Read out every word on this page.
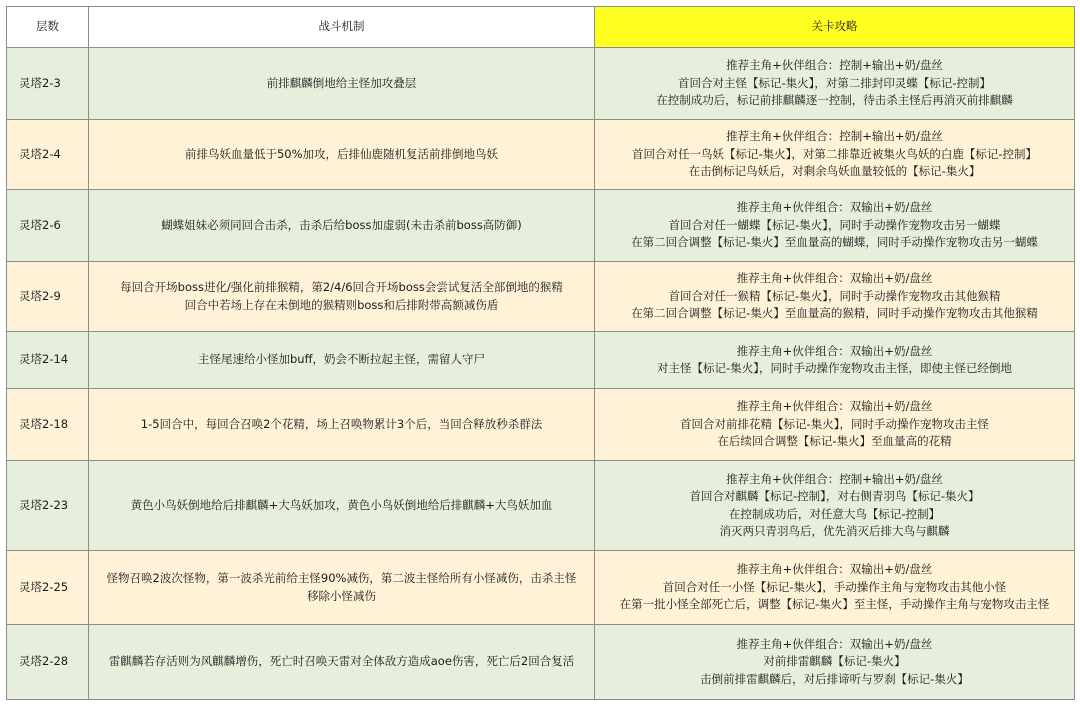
层数	战斗机制	关卡攻略
灵塔2-3	前排麒麟倒地给主怪加攻叠层	推荐主角+伙伴组合：控制+输出+奶/盘丝
首回合对主怪【标记-集火】，对第二排封印灵蝶【标记-控制】
在控制成功后，标记前排麒麟逐一控制，待击杀主怪后再消灭前排麒麟

灵塔2-4	前排鸟妖血量低于50%加攻，后排仙鹿随机复活前排倒地鸟妖	推荐主角+伙伴组合：控制+输出+奶/盘丝
首回合对任一鸟妖【标记-集火】，对第二排靠近被集火鸟妖的白鹿【标记-控制】
在击倒标记鸟妖后，对剩余鸟妖血量较低的【标记-集火】

灵塔2-6	蝴蝶姐妹必须同回合击杀，击杀后给boss加虚弱(未击杀前boss高防御)	推荐主角+伙伴组合：双输出+奶/盘丝
首回合对任一蝴蝶【标记-集火】，同时手动操作宠物攻击另一蝴蝶
在第二回合调整【标记-集火】至血量高的蝴蝶，同时手动操作宠物攻击另一蝴蝶

灵塔2-9	每回合开场boss进化/强化前排猴精，第2/4/6回合开场boss会尝试复活全部倒地的猴精
回合中若场上存在未倒地的猴精则boss和后排附带高额减伤盾	推荐主角+伙伴组合：双输出+奶/盘丝
首回合对任一猴精【标记-集火】，同时手动操作宠物攻击其他猴精
在第二回合调整【标记-集火】至血量高的猴精，同时手动操作宠物攻击其他猴精

灵塔2-14	主怪尾速给小怪加buff，奶会不断拉起主怪，需留人守尸	推荐主角+伙伴组合：双输出+奶/盘丝
对主怪【标记-集火】，同时手动操作宠物攻击主怪，即使主怪已经倒地

灵塔2-18	1-5回合中，每回合召唤2个花精，场上召唤物累计3个后，当回合释放秒杀群法	推荐主角+伙伴组合：双输出+奶/盘丝
首回合对前排花精【标记-集火】，同时手动操作宠物攻击主怪
在后续回合调整【标记-集火】至血量高的花精

灵塔2-23	黄色小鸟妖倒地给后排麒麟+大鸟妖加攻，黄色小鸟妖倒地给后排麒麟+大鸟妖加血	推荐主角+伙伴组合：控制+输出+奶/盘丝
首回合对麒麟【标记-控制】，对右侧青羽鸟【标记-集火】
在控制成功后，对任意大鸟【标记-控制】
消灭两只青羽鸟后，优先消灭后排大鸟与麒麟

灵塔2-25	怪物召唤2波次怪物，第一波杀光前给主怪90%减伤，第二波主怪给所有小怪减伤，击杀主怪
移除小怪减伤	推荐主角+伙伴组合：双输出+奶/盘丝
首回合对任一小怪【标记-集火】，手动操作主角与宠物攻击其他小怪
在第一批小怪全部死亡后，调整【标记-集火】至主怪，手动操作主角与宠物攻击主怪

灵塔2-28	雷麒麟若存活则为风麒麟增伤，死亡时召唤天雷对全体敌方造成aoe伤害，死亡后2回合复活	推荐主角+伙伴组合：双输出+奶/盘丝
对前排雷麒麟【标记-集火】
击倒前排雷麒麟后，对后排谛听与罗刹【标记-集火】
